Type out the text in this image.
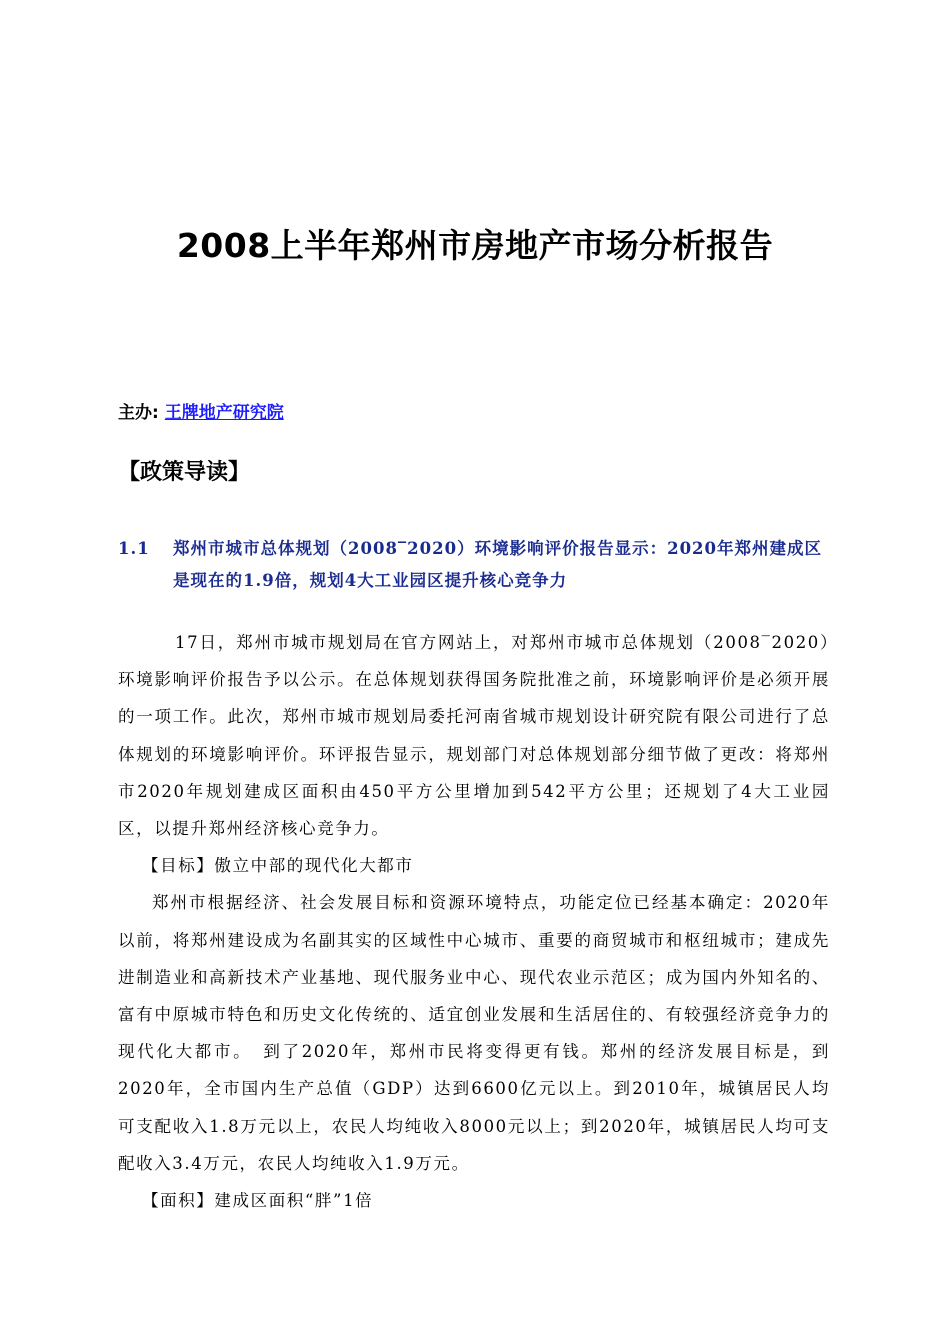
2008上半年郑州市房地产市场分析报告
主办: 王牌地产研究院
【政策导读】
1.1 郑州市城市总体规划（2008‾2020）环境影响评价报告显示：2020年郑州建成区是现在的1.9倍，规划4大工业园区提升核心竞争力

17日，郑州市城市规划局在官方网站上，对郑州市城市总体规划（2008‾2020）环境影响评价报告予以公示。在总体规划获得国务院批准之前，环境影响评价是必须开展的一项工作。此次，郑州市城市规划局委托河南省城市规划设计研究院有限公司进行了总体规划的环境影响评价。环评报告显示，规划部门对总体规划部分细节做了更改：将郑州市2020年规划建成区面积由450平方公里增加到542平方公里；还规划了4大工业园区，以提升郑州经济核心竞争力。

【目标】傲立中部的现代化大都市

郑州市根据经济、社会发展目标和资源环境特点，功能定位已经基本确定：2020年以前，将郑州建设成为名副其实的区域性中心城市、重要的商贸城市和枢纽城市；建成先进制造业和高新技术产业基地、现代服务业中心、现代农业示范区；成为国内外知名的、富有中原城市特色和历史文化传统的、适宜创业发展和生活居住的、有较强经济竞争力的现代化大都市。　到了2020年，郑州市民将变得更有钱。郑州的经济发展目标是，到2020年，全市国内生产总值（GDP）达到6600亿元以上。到2010年，城镇居民人均可支配收入1.8万元以上，农民人均纯收入8000元以上；到2020年，城镇居民人均可支配收入3.4万元，农民人均纯收入1.9万元。

【面积】建成区面积“胖”1倍
